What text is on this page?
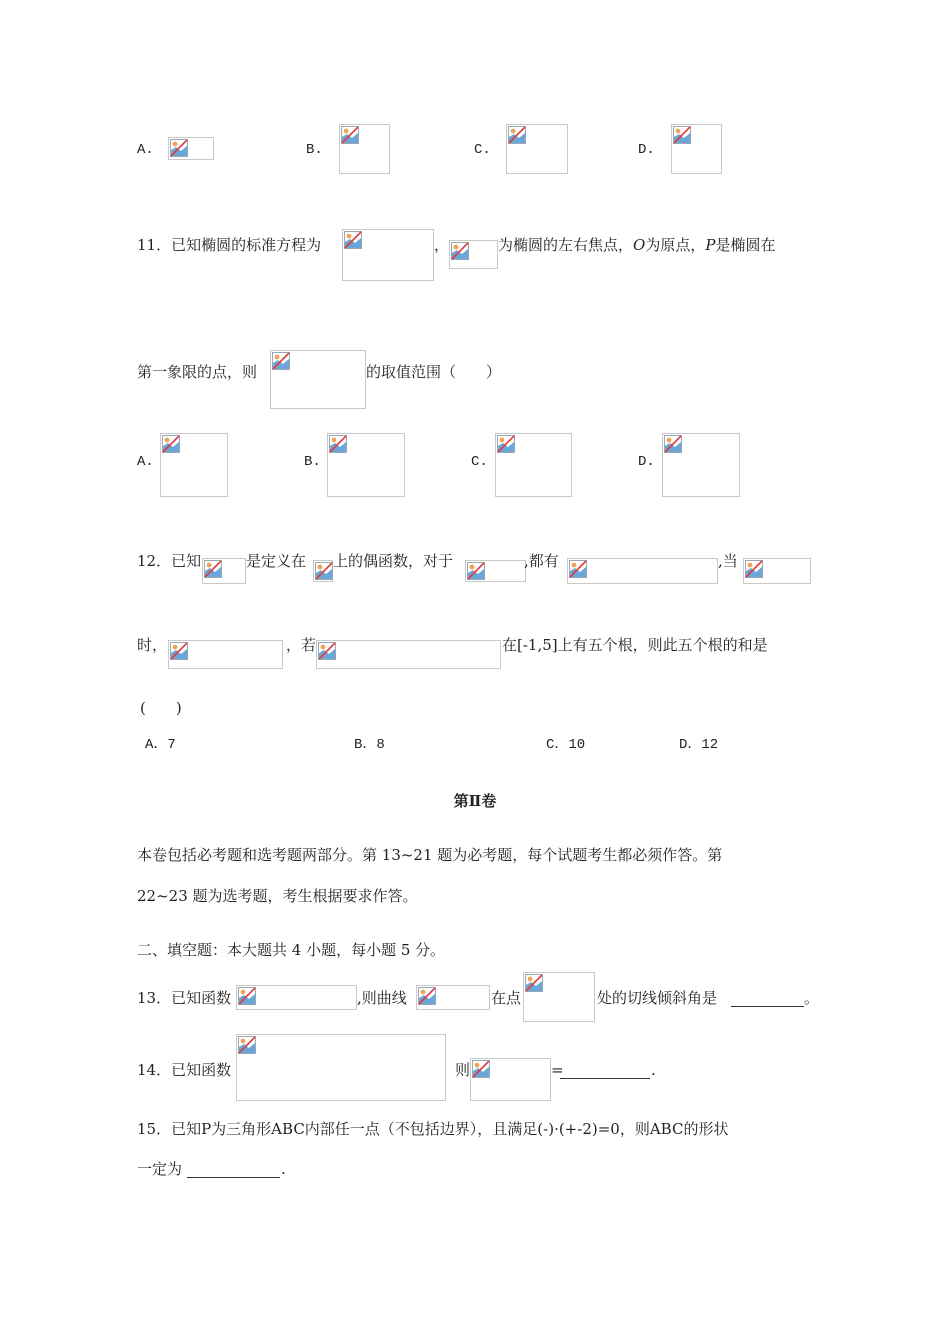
A.	B.	C.	D.
11．已知椭圆的标准方程为	，	为椭圆的左右焦点，O为原点，P是椭圆在
第一象限的点，则	的取值范围（　　）
A.	B.	C.	D.
12．已知	是定义在 上的偶函数，对于	,都有	,当
时，	，若	在[-1,5]上有五个根，则此五个根的和是
(　　)
A．7	B．8	C．10	D．12
第Ⅱ卷
本卷包括必考题和选考题两部分。第 13~21 题为必考题，每个试题考生都必须作答。第
22~23 题为选考题，考生根据要求作答。
二、填空题：本大题共 4 小题，每小题 5 分。
13．已知函数	,则曲线	在点	处的切线倾斜角是	。
14．已知函数	则	=	.
15．已知P为三角形ABC内部任一点（不包括边界），且满足(-)·(+-2)=0，则ABC的形状
一定为	.
